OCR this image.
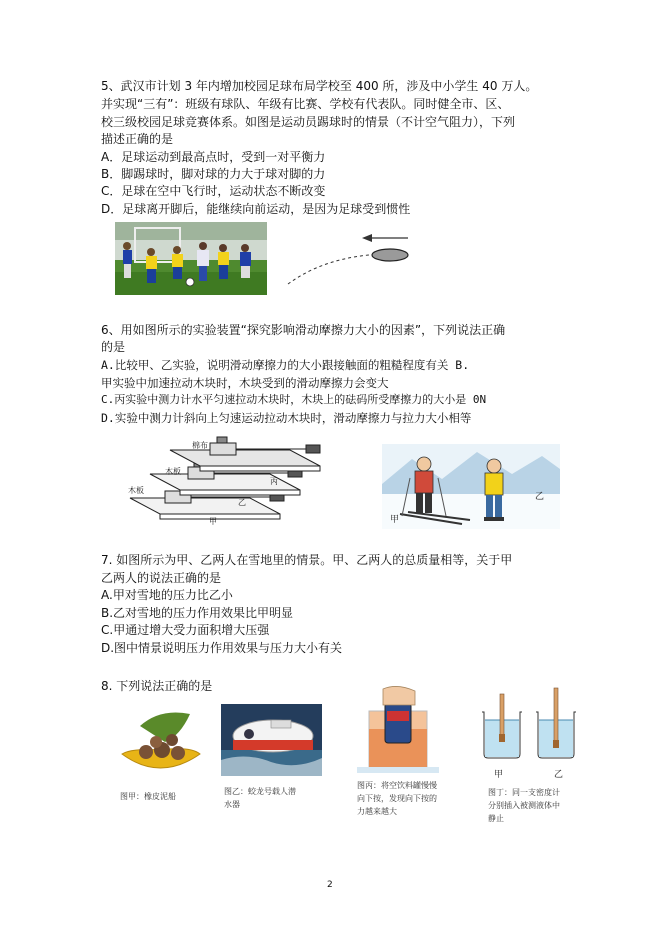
5、武汉市计划 3 年内增加校园足球布局学校至 400 所，涉及中小学生 40 万人。
并实现“三有”：班级有球队、年级有比赛、学校有代表队。同时健全市、区、
校三级校园足球竞赛体系。如图是运动员踢球时的情景（不计空气阻力），下列
描述正确的是
A．足球运动到最高点时，受到一对平衡力
B．脚踢球时，脚对球的力大于球对脚的力
C．足球在空中飞行时，运动状态不断改变
D．足球离开脚后，能继续向前运动，是因为足球受到惯性
6、用如图所示的实验装置“探究影响滑动摩擦力大小的因素”，下列说法正确
的是
A.比较甲、乙实验，说明滑动摩擦力的大小跟接触面的粗糙程度有关 B.
甲实验中加速拉动木块时，木块受到的滑动摩擦力会变大
C.丙实验中测力计水平匀速拉动木块时，木块上的砝码所受摩擦力的大小是 0N
D.实验中测力计斜向上匀速运动拉动木块时，滑动摩擦力与拉力大小相等
棉布
木板
木板
丙
乙
甲	甲
乙
7. 如图所示为甲、乙两人在雪地里的情景。甲、乙两人的总质量相等，关于甲
乙两人的说法正确的是
A.甲对雪地的压力比乙小
B.乙对雪地的压力作用效果比甲明显
C.甲通过增大受力面积增大压强
D.图中情景说明压力作用效果与压力大小有关
8. 下列说法正确的是
图甲：橡皮泥船
图乙：蛟龙号载人潜
水器
图丙：将空饮料罐慢慢
向下按，发现向下按的
力越来越大
甲	乙
图丁：同一支密度计
分别插入被测液体中
静止
2
